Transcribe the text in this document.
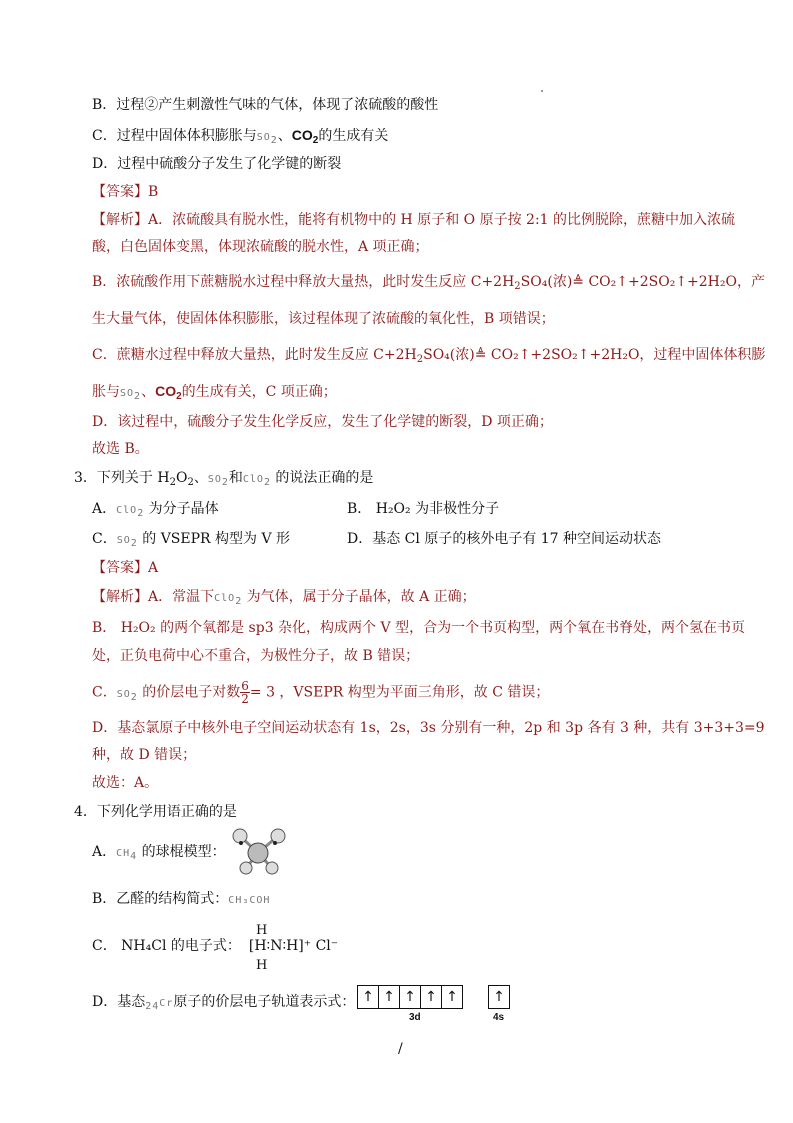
B．过程②产生刺激性气味的气体，体现了浓硫酸的酸性
C．过程中固体体积膨胀与$SO_2$、$CO_2$的生成有关
D．过程中硫酸分子发生了化学键的断裂
【答案】B
【解析】A．浓硫酸具有脱水性，能将有机物中的 H 原子和 O 原子按 2:1 的比例脱除，蔗糖中加入浓硫
酸，白色固体变黑，体现浓硫酸的脱水性，A 项正确；
B．浓硫酸作用下蔗糖脱水过程中释放大量热，此时发生反应 $C+2H_2SO_4$(浓)≜ CO₂↑+2SO₂↑+2H₂O，产
生大量气体，使固体体积膨胀，该过程体现了浓硫酸的氧化性，B 项错误；
C．蔗糖水过程中释放大量热，此时发生反应 $C+2H_2SO_4$(浓)≜ CO₂↑+2SO₂↑+2H₂O，过程中固体体积膨
胀与$SO_2$、$CO_2$的生成有关，C 项正确；
D．该过程中，硫酸分子发生化学反应，发生了化学键的断裂，D 项正确；
故选 B。
3．下列关于 $H_2O_2$、$SO_2$和ClO$_2$ 的说法正确的是
A．ClO$_2$ 为分子晶体	B． H₂O₂ 为非极性分子
C．$SO_2$ 的 VSEPR 构型为 V 形	D．基态 Cl 原子的核外电子有 17 种空间运动状态
【答案】A
【解析】A．常温下ClO$_2$ 为气体，属于分子晶体，故 A 正确；
B． H₂O₂ 的两个氧都是 sp3 杂化，构成两个 V 型，合为一个书页构型，两个氧在书脊处，两个氢在书页
处，正负电荷中心不重合，为极性分子，故 B 错误；
C．$SO_2$ 的价层电子对数 $\frac{6}{2} = 3$ ，VSEPR 构型为平面三角形，故 C 错误；
D．基态氯原子中核外电子空间运动状态有 1s，2s，3s 分别有一种，2p 和 3p 各有 3 种，共有 3+3+3=9
种，故 D 错误；
故选：A。
4．下列化学用语正确的是
A．$CH_4$ 的球棍模型：
B．乙醛的结构简式：CH₃COH
C． NH₄Cl 的电子式： [H∶N∶H]⁺ Cl⁻
H
H
D．基态$_{24}$Cr原子的价层电子轨道表示式： ↑ ↑ ↑ ↑ ↑	↑
3d	4s
/
